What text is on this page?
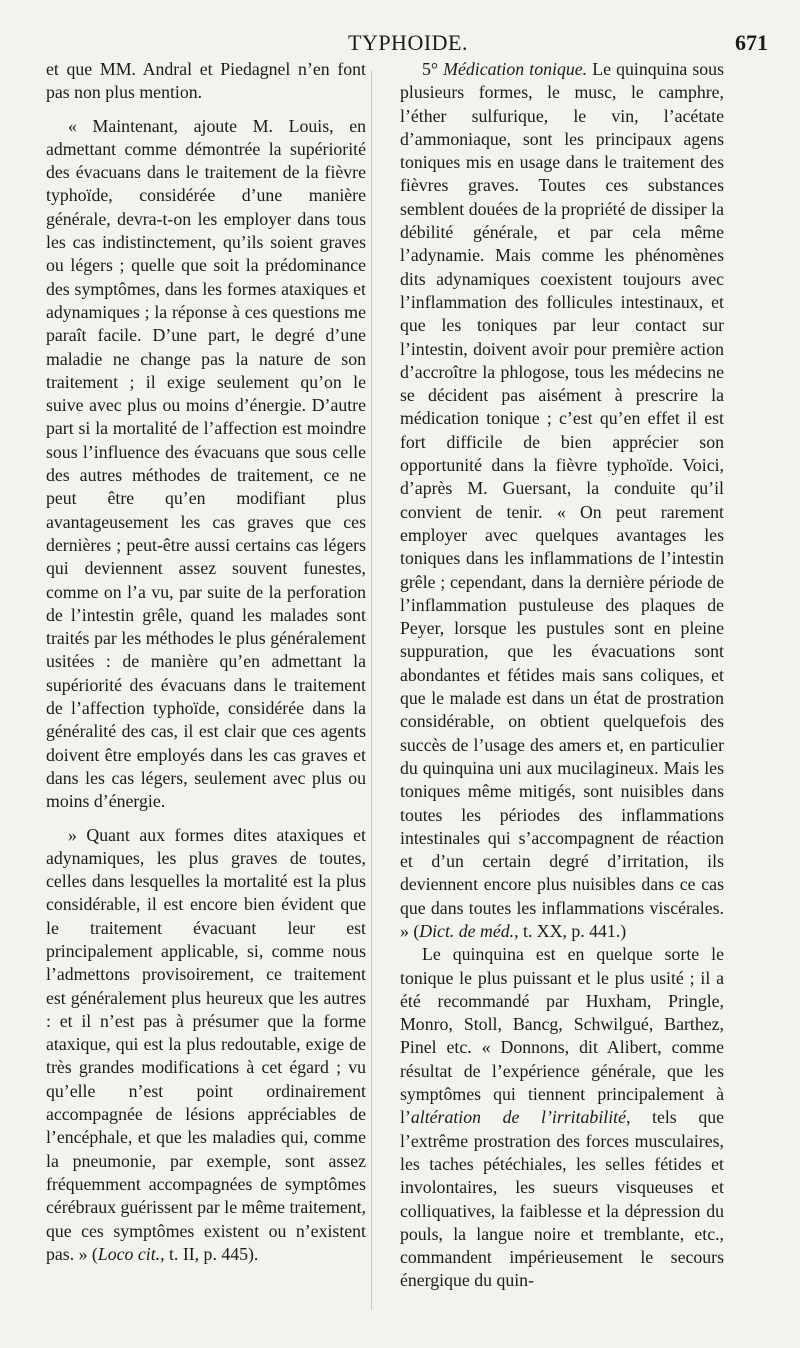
TYPHOIDE.	671

et que MM. Andral et Piedagnel n’en font pas non plus mention.

« Maintenant, ajoute M. Louis, en admettant comme démontrée la supériorité des évacuans dans le traitement de la fièvre typhoïde, considérée d’une manière générale, devra-t-on les employer dans tous les cas indistinctement, qu’ils soient graves ou légers ; quelle que soit la prédominance des symptômes, dans les formes ataxiques et adynamiques ; la réponse à ces questions me paraît facile. D’une part, le degré d’une maladie ne change pas la nature de son traitement ; il exige seulement qu’on le suive avec plus ou moins d’énergie. D’autre part si la mortalité de l’affection est moindre sous l’influence des évacuans que sous celle des autres méthodes de traitement, ce ne peut être qu’en modifiant plus avantageusement les cas graves que ces dernières ; peut-être aussi certains cas légers qui deviennent assez souvent funestes, comme on l’a vu, par suite de la perforation de l’intestin grêle, quand les malades sont traités par les méthodes le plus généralement usitées : de manière qu’en admettant la supériorité des évacuans dans le traitement de l’affection typhoïde, considérée dans la généralité des cas, il est clair que ces agents doivent être employés dans les cas graves et dans les cas légers, seulement avec plus ou moins d’énergie.

» Quant aux formes dites ataxiques et adynamiques, les plus graves de toutes, celles dans lesquelles la mortalité est la plus considérable, il est encore bien évident que le traitement évacuant leur est principalement applicable, si, comme nous l’admettons provisoirement, ce traitement est généralement plus heureux que les autres : et il n’est pas à présumer que la forme ataxique, qui est la plus redoutable, exige de très grandes modifications à cet égard ; vu qu’elle n’est point ordinairement accompagnée de lésions appréciables de l’encéphale, et que les maladies qui, comme la pneumonie, par exemple, sont assez fréquemment accompagnées de symptômes cérébraux guérissent par le même traitement, que ces symptômes existent ou n’existent pas. » (Loco cit., t. II, p. 445).

5° Médication tonique. Le quinquina sous plusieurs formes, le musc, le camphre, l’éther sulfurique, le vin, l’acétate d’ammoniaque, sont les principaux agens toniques mis en usage dans le traitement des fièvres graves. Toutes ces substances semblent douées de la propriété de dissiper la débilité générale, et par cela même l’adynamie. Mais comme les phénomènes dits adynamiques coexistent toujours avec l’inflammation des follicules intestinaux, et que les toniques par leur contact sur l’intestin, doivent avoir pour première action d’accroître la phlogose, tous les médecins ne se décident pas aisément à prescrire la médication tonique ; c’est qu’en effet il est fort difficile de bien apprécier son opportunité dans la fièvre typhoïde. Voici, d’après M. Guersant, la conduite qu’il convient de tenir. « On peut rarement employer avec quelques avantages les toniques dans les inflammations de l’intestin grêle ; cependant, dans la dernière période de l’inflammation pustuleuse des plaques de Peyer, lorsque les pustules sont en pleine suppuration, que les évacuations sont abondantes et fétides mais sans coliques, et que le malade est dans un état de prostration considérable, on obtient quelquefois des succès de l’usage des amers et, en particulier du quinquina uni aux mucilagineux. Mais les toniques même mitigés, sont nuisibles dans toutes les périodes des inflammations intestinales qui s’accompagnent de réaction et d’un certain degré d’irritation, ils deviennent encore plus nuisibles dans ce cas que dans toutes les inflammations viscérales. » (Dict. de méd., t. XX, p. 441.)

Le quinquina est en quelque sorte le tonique le plus puissant et le plus usité ; il a été recommandé par Huxham, Pringle, Monro, Stoll, Bancg, Schwilgué, Barthez, Pinel etc. « Donnons, dit Alibert, comme résultat de l’expérience générale, que les symptômes qui tiennent principalement à l’altération de l’irritabilité, tels que l’extrême prostration des forces musculaires, les taches pétéchiales, les selles fétides et involontaires, les sueurs visqueuses et colliquatives, la faiblesse et la dépression du pouls, la langue noire et tremblante, etc., commandent impérieusement le secours énergique du quin-
